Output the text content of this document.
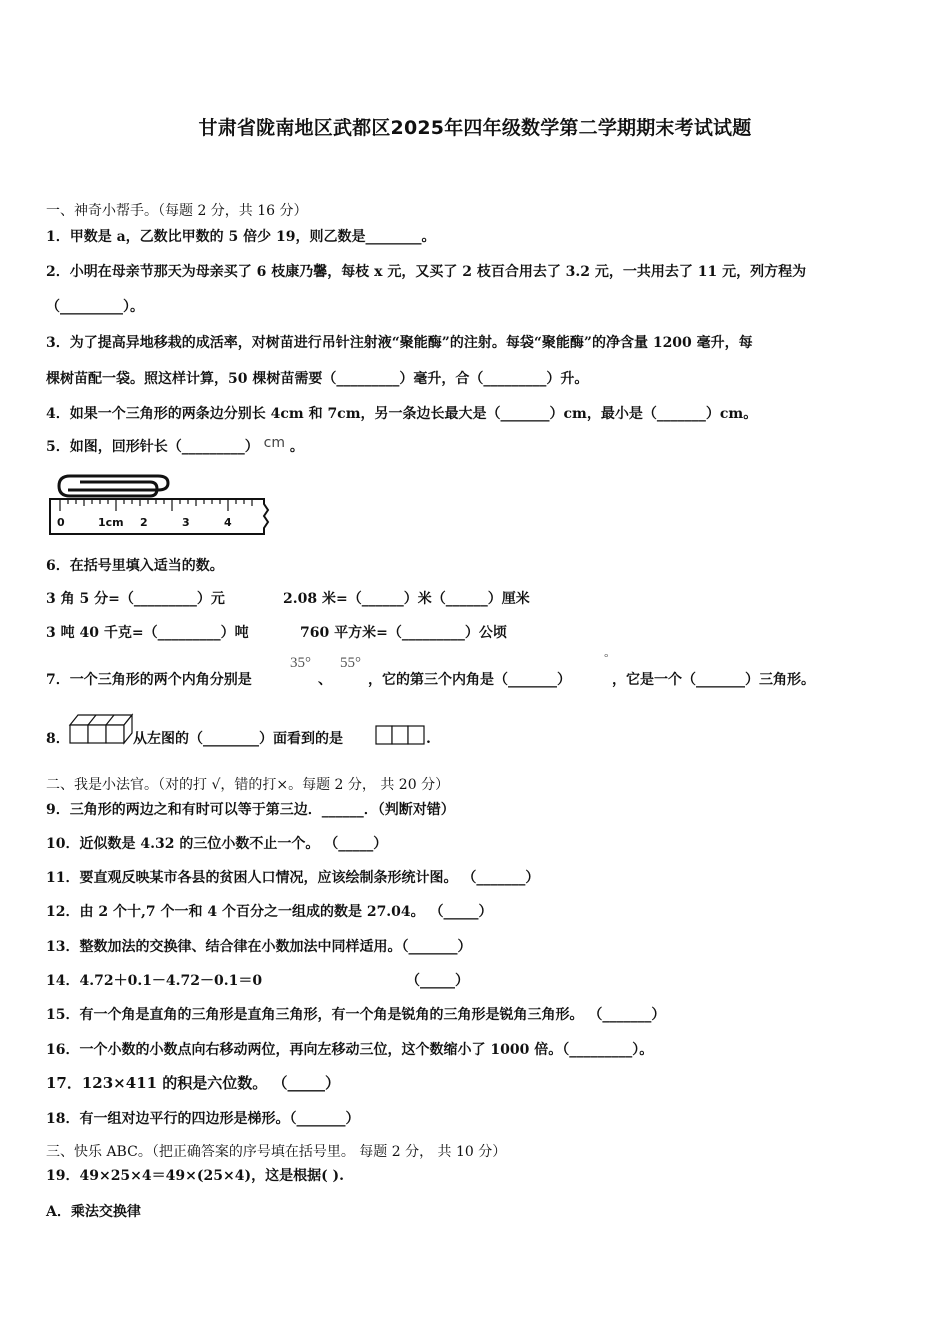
甘肃省陇南地区武都区2025年四年级数学第二学期期末考试试题
一、神奇小帮手。（每题 2 分，共 16 分）
1．甲数是 a，乙数比甲数的 5 倍少 19，则乙数是________。
2．小明在母亲节那天为母亲买了 6 枝康乃馨，每枝 x 元，又买了 2 枝百合用去了 3.2 元，一共用去了 11 元，列方程为
（_________）。
3．为了提高异地移栽的成活率，对树苗进行吊针注射液“聚能酶”的注射。每袋“聚能酶”的净含量 1200 毫升，每
棵树苗配一袋。照这样计算，50 棵树苗需要（_________）毫升，合（_________）升。
4．如果一个三角形的两条边分别长 4cm 和 7cm，另一条边长最大是（_______）cm，最小是（_______）cm。
5．如图，回形针长（_________） cm 。
0	1cm 2	3	4
6．在括号里填入适当的数。
3 角 5 分=（_________）元	2.08 米=（______）米（______）厘米
3 吨 40 千克=（_________）吨	760 平方米=（_________）公顷
7．一个三角形的两个内角分别是
35°
、
55°
，它的第三个内角是（_______）
°
，它是一个（_______）三角形。
8．	从左图的（________）面看到的是	.
二、我是小法官。（对的打 √，错的打×。每题 2 分， 共 20 分）
9．三角形的两边之和有时可以等于第三边．______．（判断对错）
10．近似数是 4.32 的三位小数不止一个。 （_____）
11．要直观反映某市各县的贫困人口情况，应该绘制条形统计图。 （_______）
12．由 2 个十,7 个一和 4 个百分之一组成的数是 27.04。 （_____）
13．整数加法的交换律、结合律在小数加法中同样适用。（_______）
14．4.72＋0.1－4.72－0.1＝0	（_____）
15．有一个角是直角的三角形是直角三角形，有一个角是锐角的三角形是锐角三角形。 （_______）
16．一个小数的小数点向右移动两位，再向左移动三位，这个数缩小了 1000 倍。（_________）。
17．123×411 的积是六位数。 （_____）
18．有一组对边平行的四边形是梯形。（_______）
三、快乐 ABC。（把正确答案的序号填在括号里。 每题 2 分， 共 10 分）
19．49×25×4＝49×(25×4)，这是根据( ).
A．乘法交换律
